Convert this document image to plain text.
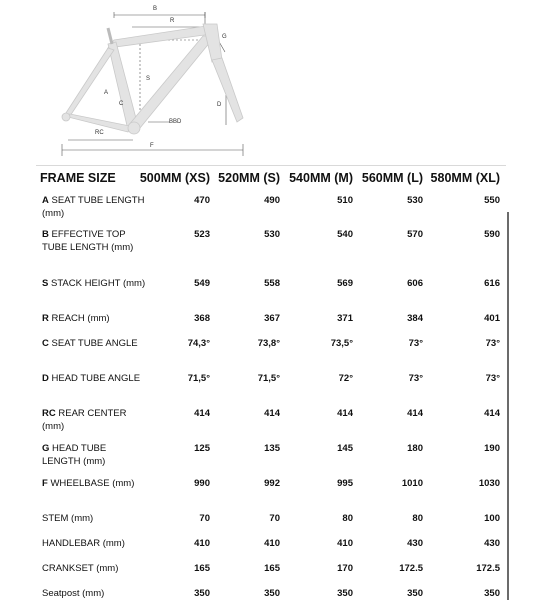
B
R
G
S
A
C	D
BBD
RC
F
FRAME SIZE	500MM (XS) 520MM (S) 540MM (M) 560MM (L) 580MM (XL)
A SEAT TUBE LENGTH (mm)
470	490	510	530	550
B EFFECTIVE TOP TUBE LENGTH (mm)
523	530	540	570	590
S STACK HEIGHT (mm)	549	558	569	606	616
R REACH (mm)	368	367	371	384	401
C SEAT TUBE ANGLE	74,3°	73,8°	73,5°	73°	73°
D HEAD TUBE ANGLE	71,5°	71,5°	72°	73°	73°
RC REAR CENTER (mm)
414	414	414	414	414
G HEAD TUBE LENGTH (mm)
125	135	145	180	190
F WHEELBASE (mm)	990	992	995	1010	1030
STEM (mm)	70	70	80	80	100
HANDLEBAR (mm)	410	410	410	430	430
CRANKSET (mm)	165	165	170	172.5	172.5
Seatpost (mm)	350	350	350	350	350
